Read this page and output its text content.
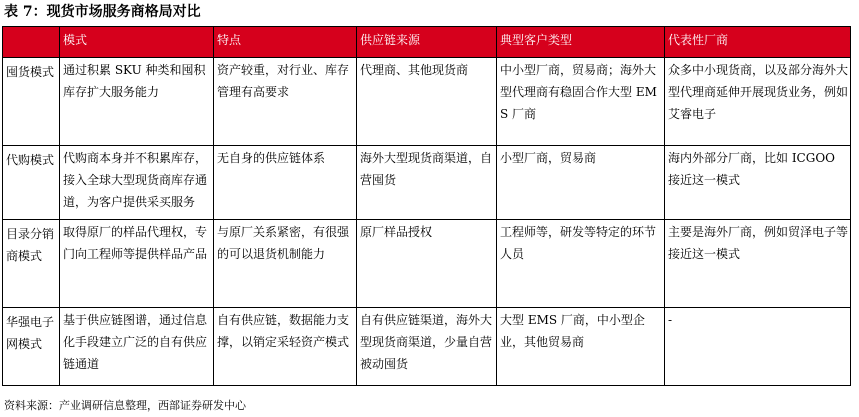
表 7：现货市场服务商格局对比
	模式	特点	供应链来源	典型客户类型	代表性厂商
囤货模式	通过积累 SKU 种类和囤积库存扩大服务能力	资产较重，对行业、库存管理有高要求	代理商、其他现货商	中小型厂商，贸易商；海外大型代理商有稳固合作大型 EMS 厂商	众多中小现货商，以及部分海外大型代理商延伸开展现货业务，例如艾睿电子
代购模式	代购商本身并不积累库存，接入全球大型现货商库存通道，为客户提供采买服务	无自身的供应链体系	海外大型现货商渠道，自营囤货	小型厂商，贸易商	海内外部分厂商，比如 ICGOO 接近这一模式
目录分销商模式	取得原厂的样品代理权，专门向工程师等提供样品产品	与原厂关系紧密，有很强的可以退货机制能力	原厂样品授权	工程师等，研发等特定的环节人员	主要是海外厂商，例如贸泽电子等接近这一模式
华强电子网模式	基于供应链图谱，通过信息化手段建立广泛的自有供应链通道	自有供应链，数据能力支撑，以销定采轻资产模式	自有供应链渠道，海外大型现货商渠道，少量自营被动囤货	大型 EMS 厂商，中小型企业，其他贸易商	-
资料来源：产业调研信息整理，西部证券研发中心
